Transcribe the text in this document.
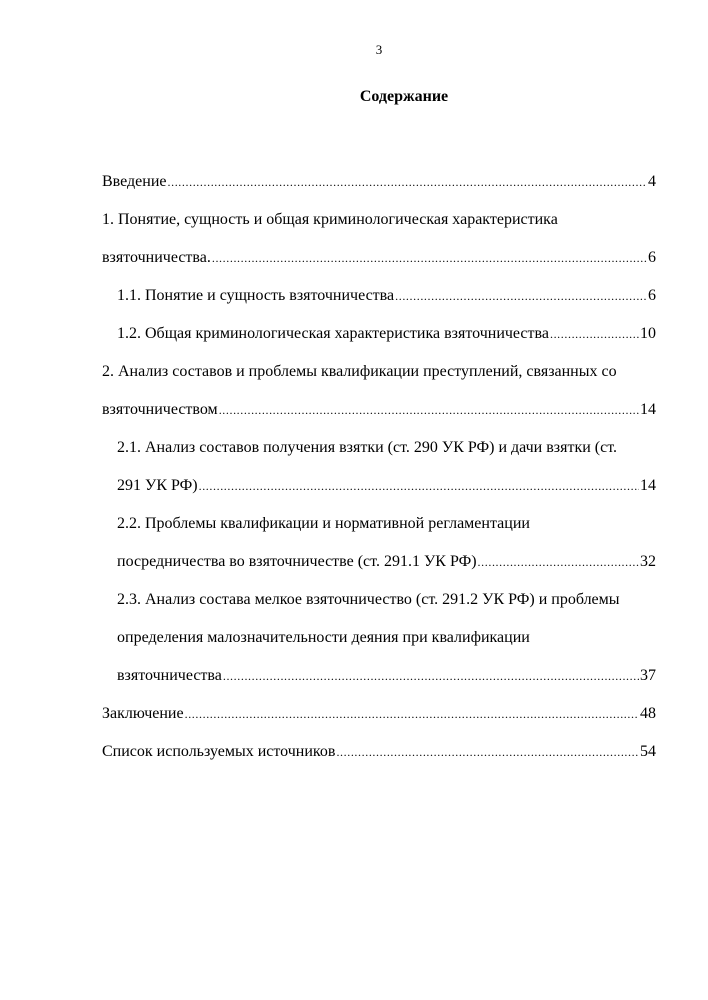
3
Содержание
Введение .....	4
1. Понятие, сущность и общая криминологическая характеристика
взяточничества. .....	6
1.1. Понятие и сущность взяточничества .....	6
1.2. Общая криминологическая характеристика взяточничества .....	10
2. Анализ составов и проблемы квалификации преступлений, связанных со
взяточничеством .....	14
2.1. Анализ составов получения взятки (ст. 290 УК РФ) и дачи взятки (ст.
291 УК РФ) .....	14
2.2. Проблемы квалификации и нормативной регламентации
посредничества во взяточничестве (ст. 291.1 УК РФ) .....	32
2.3. Анализ состава мелкое взяточничество (ст. 291.2 УК РФ) и проблемы
определения малозначительности деяния при квалификации
взяточничества .....	37
Заключение .....	48
Список используемых источников .....	54
